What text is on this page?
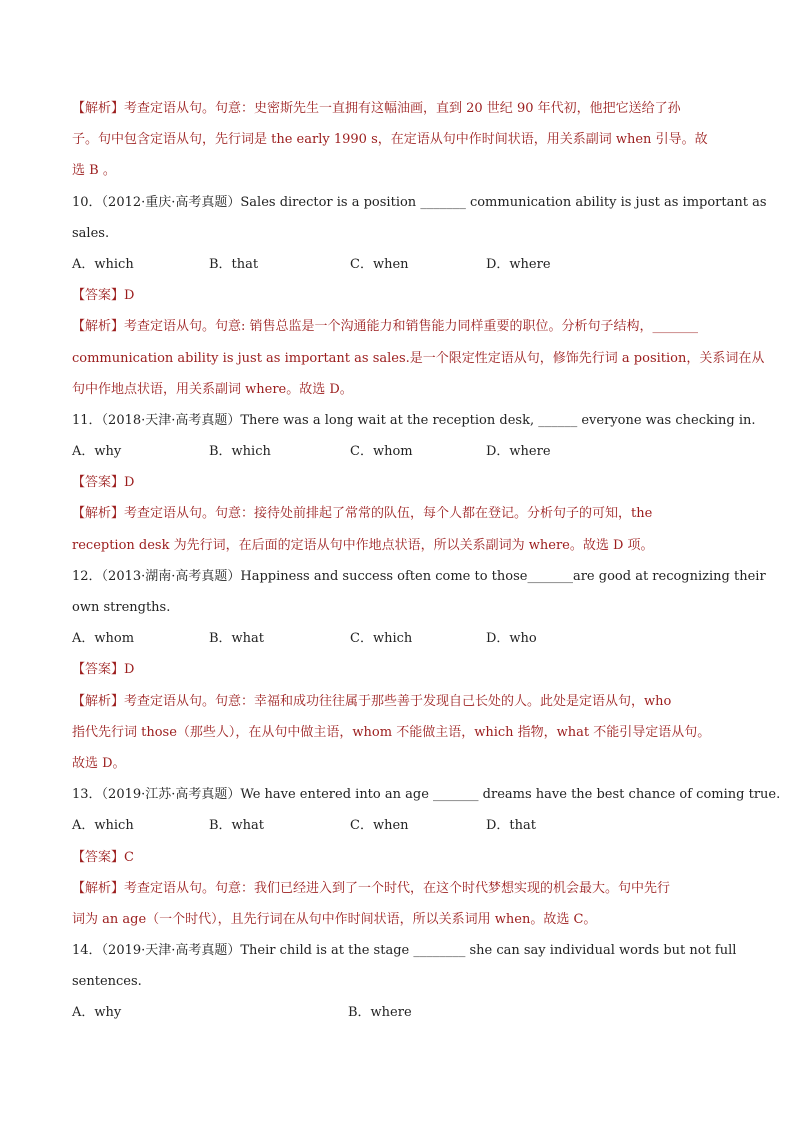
【解析】考查定语从句。句意：史密斯先生一直拥有这幅油画，直到 20 世纪 90 年代初，他把它送给了孙
子。句中包含定语从句，先行词是 the early 1990 s，在定语从句中作时间状语，用关系副词 when 引导。故
选 B 。
10．（2012·重庆·高考真题）Sales director is a position _______ communication ability is just as important as
sales.
A．which	B．that	C．when	D．where
【答案】D
【解析】考查定语从句。句意: 销售总监是一个沟通能力和销售能力同样重要的职位。分析句子结构，_______
communication ability is just as important as sales.是一个限定性定语从句，修饰先行词 a position，关系词在从
句中作地点状语，用关系副词 where。故选 D。
11．（2018·天津·高考真题）There was a long wait at the reception desk, ______ everyone was checking in.
A．why	B．which	C．whom	D．where
【答案】D
【解析】考查定语从句。句意：接待处前排起了常常的队伍，每个人都在登记。分析句子的可知，the
reception desk 为先行词，在后面的定语从句中作地点状语，所以关系副词为 where。故选 D 项。
12．（2013·湖南·高考真题）Happiness and success often come to those_______are good at recognizing their
own strengths.
A．whom	B．what	C．which	D．who
【答案】D
【解析】考查定语从句。句意：幸福和成功往往属于那些善于发现自己长处的人。此处是定语从句，who
指代先行词 those（那些人），在从句中做主语，whom 不能做主语，which 指物，what 不能引导定语从句。
故选 D。
13．（2019·江苏·高考真题）We have entered into an age _______ dreams have the best chance of coming true.
A．which	B．what	C．when	D．that
【答案】C
【解析】考查定语从句。句意：我们已经进入到了一个时代，在这个时代梦想实现的机会最大。句中先行
词为 an age（一个时代），且先行词在从句中作时间状语，所以关系词用 when。故选 C。
14．（2019·天津·高考真题）Their child is at the stage ________ she can say individual words but not full
sentences.
A．why	B．where
